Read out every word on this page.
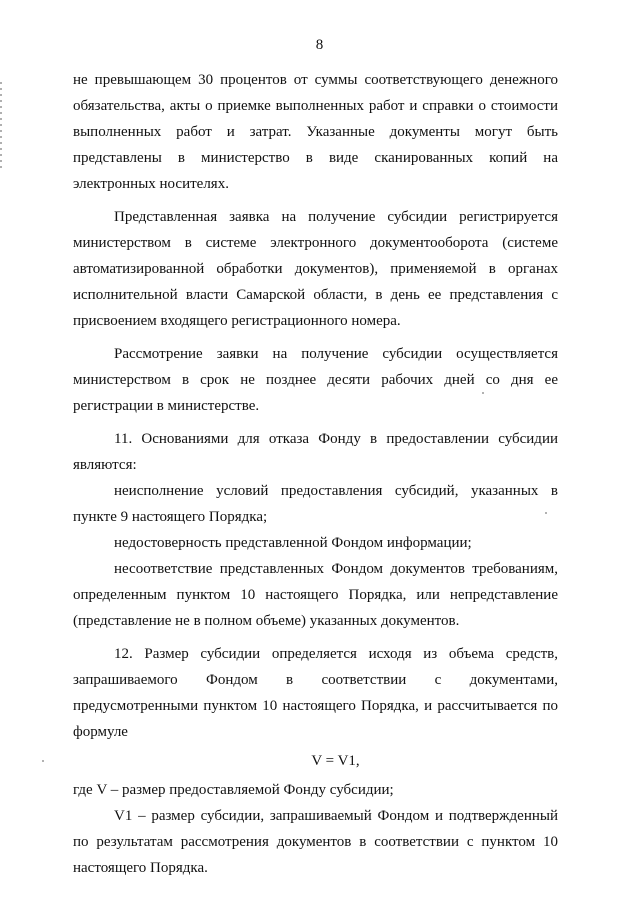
8

не превышающем 30 процентов от суммы соответствующего денежного обязательства, акты о приемке выполненных работ и справки о стоимости выполненных работ и затрат. Указанные документы могут быть представлены в министерство в виде сканированных копий на электронных носителях.

Представленная заявка на получение субсидии регистрируется министерством в системе электронного документооборота (системе автоматизированной обработки документов), применяемой в органах исполнительной власти Самарской области, в день ее представления с присвоением входящего регистрационного номера.

Рассмотрение заявки на получение субсидии осуществляется министерством в срок не позднее десяти рабочих дней со дня ее регистрации в министерстве.

11. Основаниями для отказа Фонду в предоставлении субсидии являются:

неисполнение условий предоставления субсидий, указанных в пункте 9 настоящего Порядка;

недостоверность представленной Фондом информации;

несоответствие представленных Фондом документов требованиям, определенным пунктом 10 настоящего Порядка, или непредставление (представление не в полном объеме) указанных документов.

12. Размер субсидии определяется исходя из объема средств, запрашиваемого Фондом в соответствии с документами, предусмотренными пунктом 10 настоящего Порядка, и рассчитывается по формуле

V = V1,

где V – размер предоставляемой Фонду субсидии;

V1 – размер субсидии, запрашиваемый Фондом и подтвержденный по результатам рассмотрения документов в соответствии с пунктом 10 настоящего Порядка.
